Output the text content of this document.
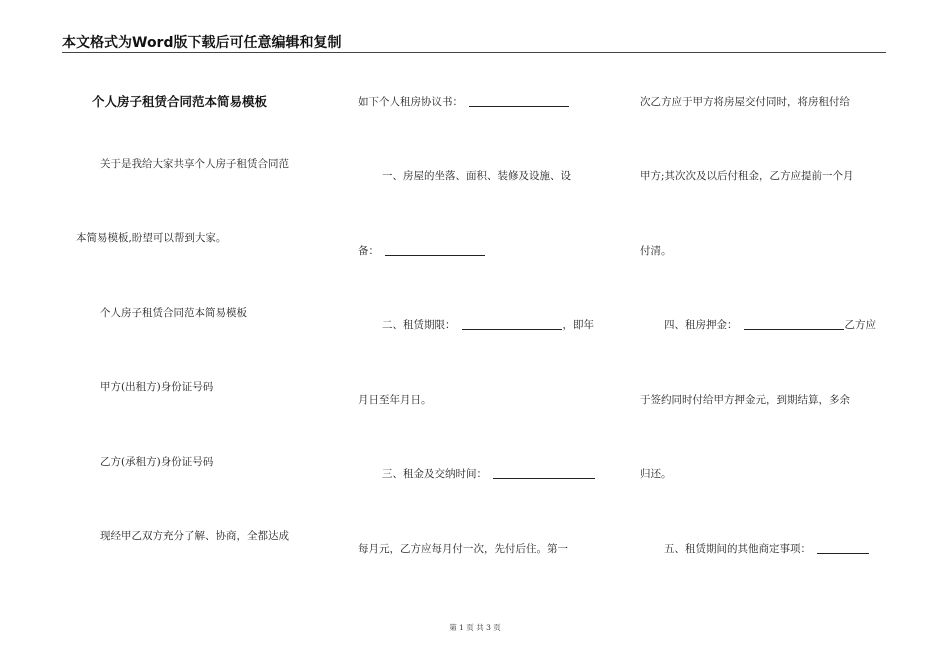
本文格式为Word版下载后可任意编辑和复制
个人房子租赁合同范本简易模板
关于是我给大家共享个人房子租赁合同范
本简易模板,盼望可以帮到大家。
个人房子租赁合同范本简易模板
甲方(出租方)身份证号码
乙方(承租方)身份证号码
现经甲乙双方充分了解、协商，全都达成
如下个人租房协议书：
一、房屋的坐落、面积、装修及设施、设
备：
二、租赁期限：	，即年
月日至年月日。
三、租金及交纳时间：
每月元，乙方应每月付一次，先付后住。第一
次乙方应于甲方将房屋交付同时，将房租付给
甲方;其次次及以后付租金，乙方应提前一个月
付清。
四、租房押金：	乙方应
于签约同时付给甲方押金元，到期结算，多余
归还。
五、租赁期间的其他商定事项：
第 1 页 共 3 页
